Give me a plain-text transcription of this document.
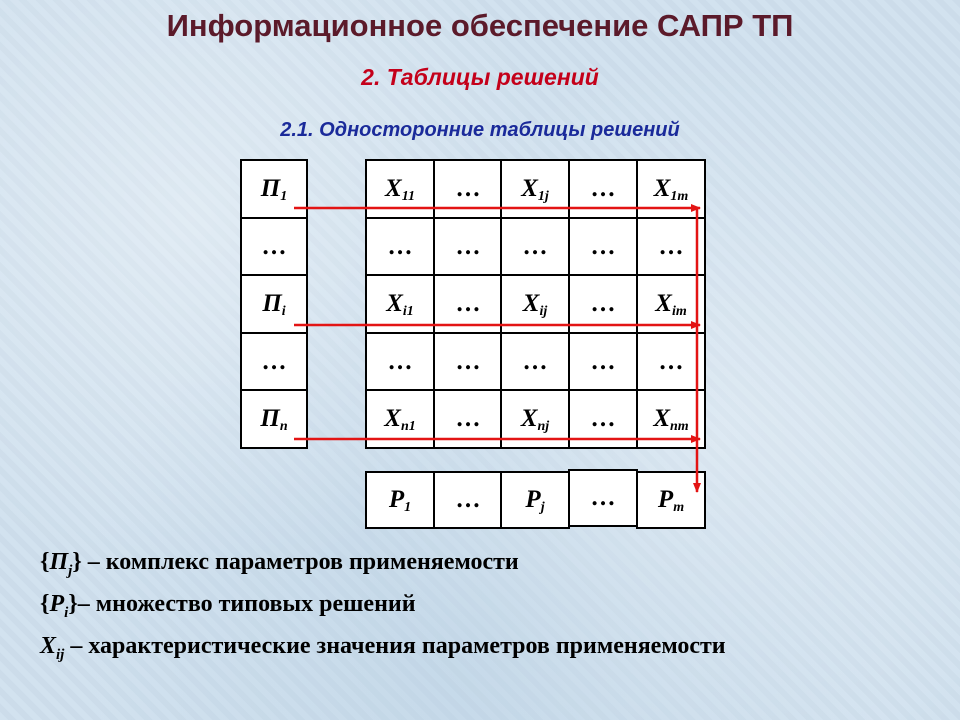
Информационное обеспечение САПР ТП
2. Таблицы решений
2.1. Односторонние таблицы решений
П 1
…
П i
…
П n
X 11 … X 1j … X 1m
… … … … …
X i1 … X ij … X im
… … … … …
X n1 … X nj … X nm
P 1 … P j … P m
$\{П_j\}$ – комплекс параметров применяемости
$\{P_i\}-$ множество типовых решений
$X_{ij}$ – характеристические значения параметров применяемости
